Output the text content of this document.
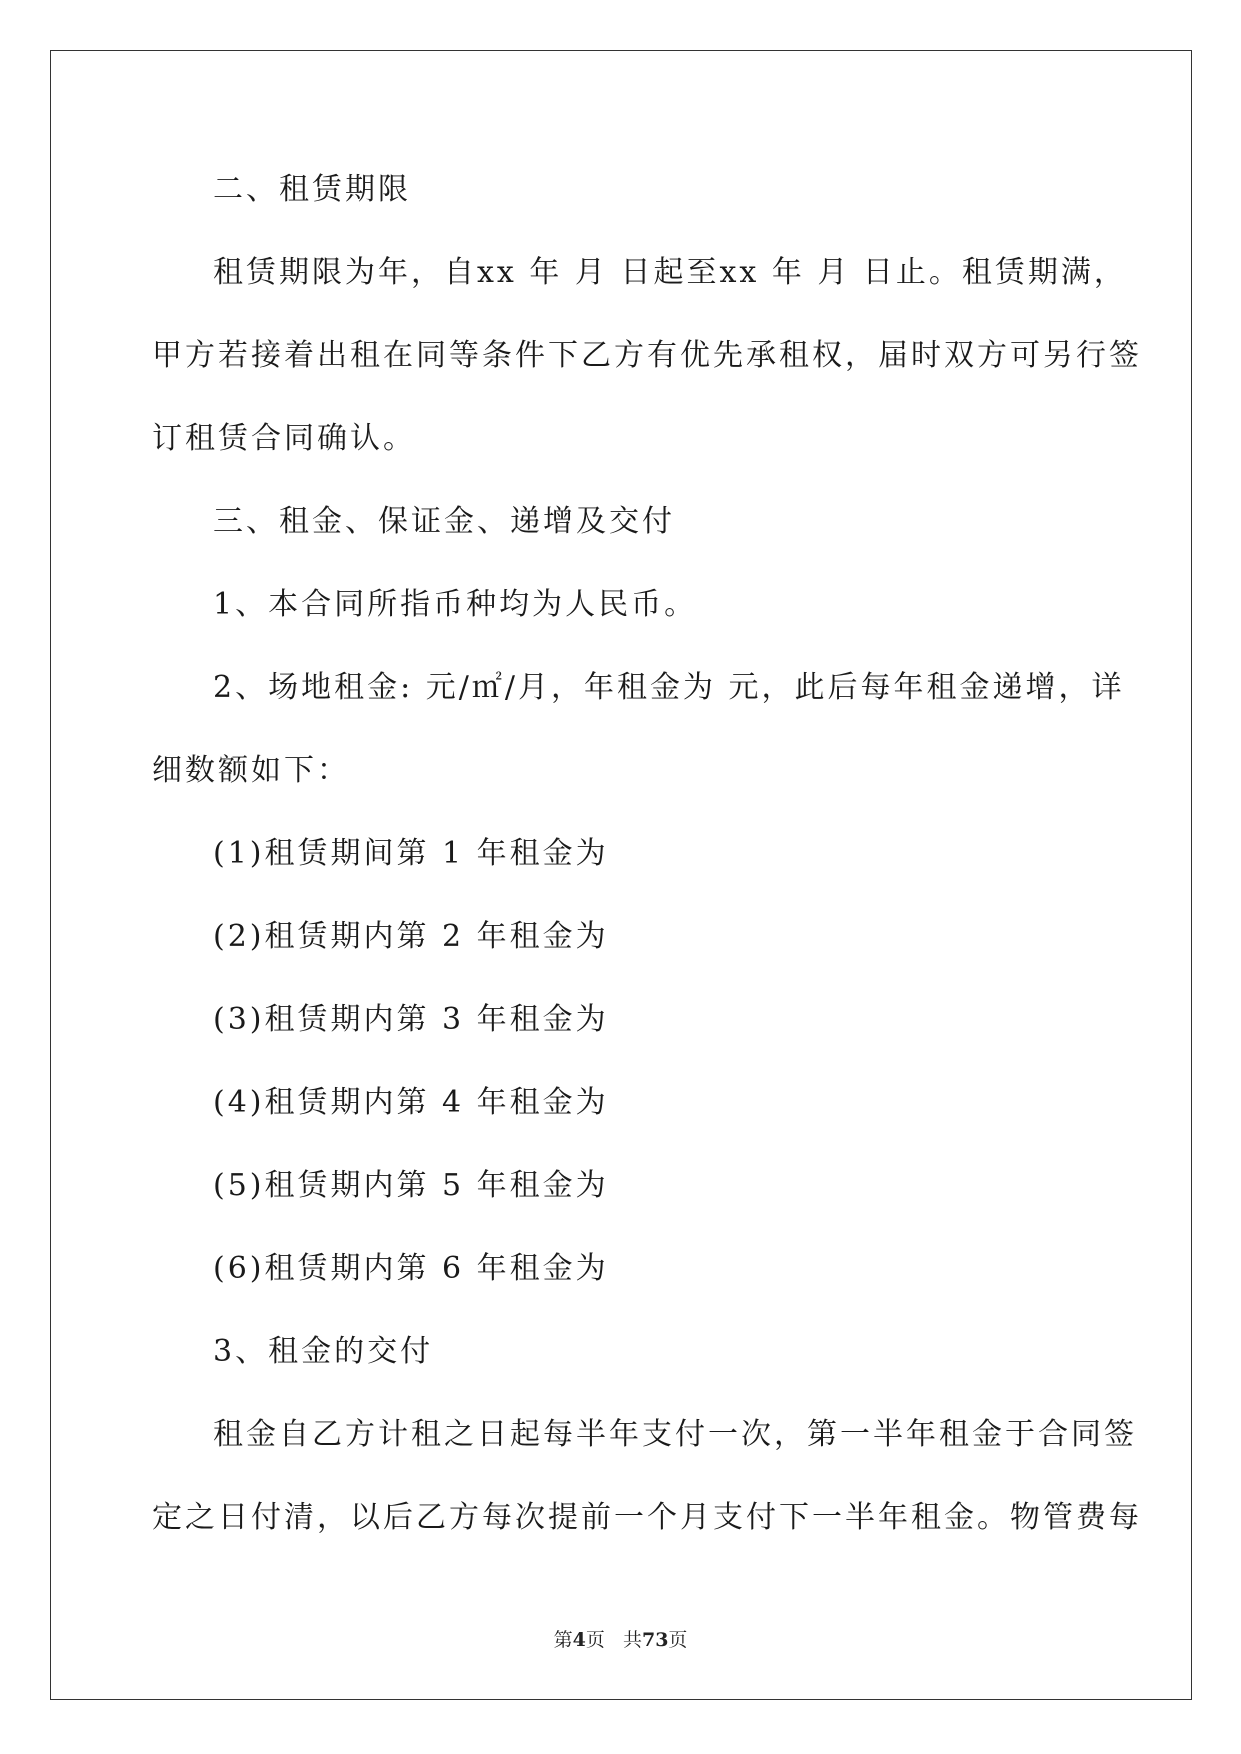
二、租赁期限
租赁期限为年，自xx 年 月 日起至xx 年 月 日止。租赁期满，
甲方若接着出租在同等条件下乙方有优先承租权，届时双方可另行签
订租赁合同确认。
三、租金、保证金、递增及交付
1、本合同所指币种均为人民币。
2、场地租金: 元/㎡/月，年租金为 元，此后每年租金递增，详
细数额如下：
(1)租赁期间第 1 年租金为
(2)租赁期内第 2 年租金为
(3)租赁期内第 3 年租金为
(4)租赁期内第 4 年租金为
(5)租赁期内第 5 年租金为
(6)租赁期内第 6 年租金为
3、租金的交付
租金自乙方计租之日起每半年支付一次，第一半年租金于合同签
定之日付清，以后乙方每次提前一个月支付下一半年租金。物管费每
第4页 共73页
